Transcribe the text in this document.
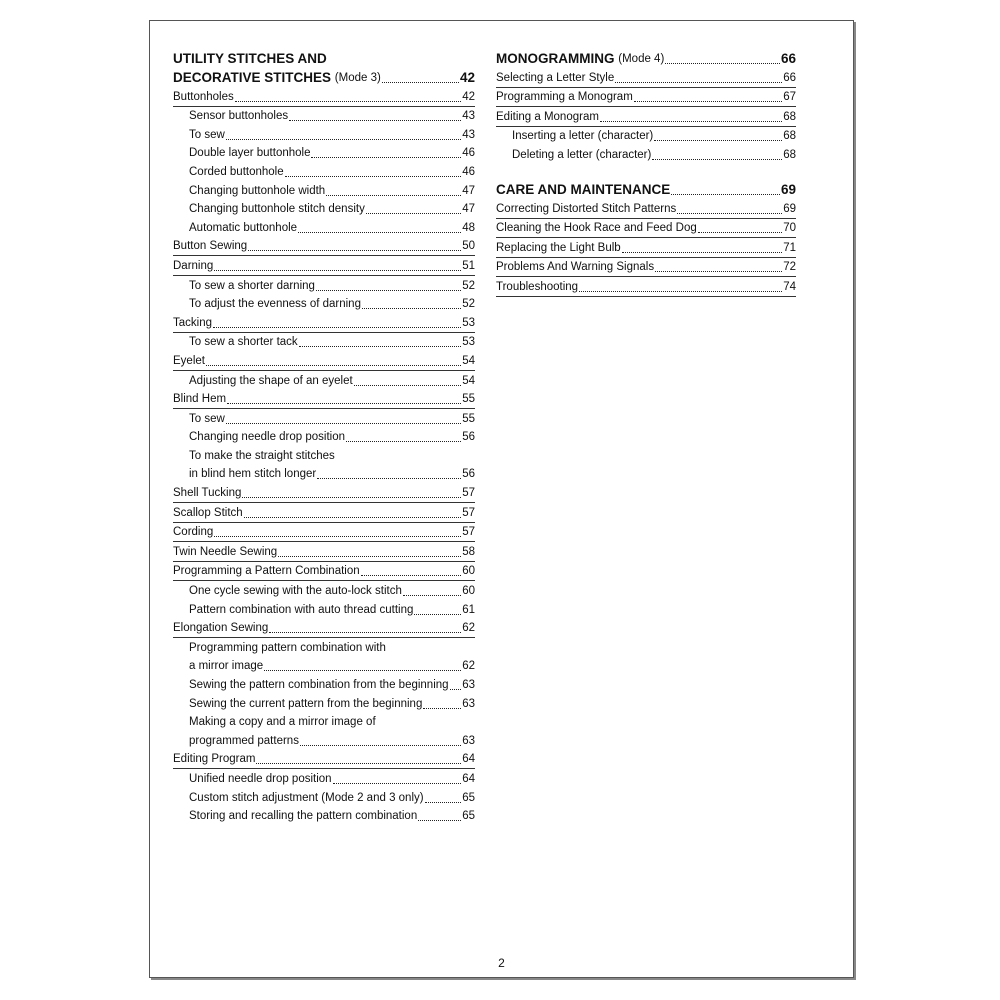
UTILITY STITCHES AND
DECORATIVE STITCHES
(Mode 3)	42
Buttonholes	42
Sensor buttonholes	43
To sew	43
Double layer buttonhole	46
Corded buttonhole	46
Changing buttonhole width	47
Changing buttonhole stitch density	47
Automatic buttonhole	48
Button Sewing	50
Darning	51
To sew a shorter darning	52
To adjust the evenness of darning	52
Tacking	53
To sew a shorter tack	53
Eyelet	54
Adjusting the shape of an eyelet	54
Blind Hem	55
To sew	55
Changing needle drop position	56
To make the straight stitches
in blind hem stitch longer	56
Shell Tucking	57
Scallop Stitch	57
Cording	57
Twin Needle Sewing	58
Programming a Pattern Combination	60
One cycle sewing with the auto-lock stitch	60
Pattern combination with auto thread cutting	61
Elongation Sewing	62
Programming pattern combination with
a mirror image	62
Sewing the pattern combination from the beginning 63
Sewing the current pattern from the beginning	63
Making a copy and a mirror image of
programmed patterns	63
Editing Program	64
Unified needle drop position	64
Custom stitch adjustment (Mode 2 and 3 only)	65
Storing and recalling the pattern combination	65
MONOGRAMMING
(Mode 4)	66
Selecting a Letter Style	66
Programming a Monogram	67
Editing a Monogram	68
Inserting a letter (character)	68
Deleting a letter (character)	68
CARE AND MAINTENANCE	69
Correcting Distorted Stitch Patterns	69
Cleaning the Hook Race and Feed Dog	70
Replacing the Light Bulb	71
Problems And Warning Signals	72
Troubleshooting	74
2
